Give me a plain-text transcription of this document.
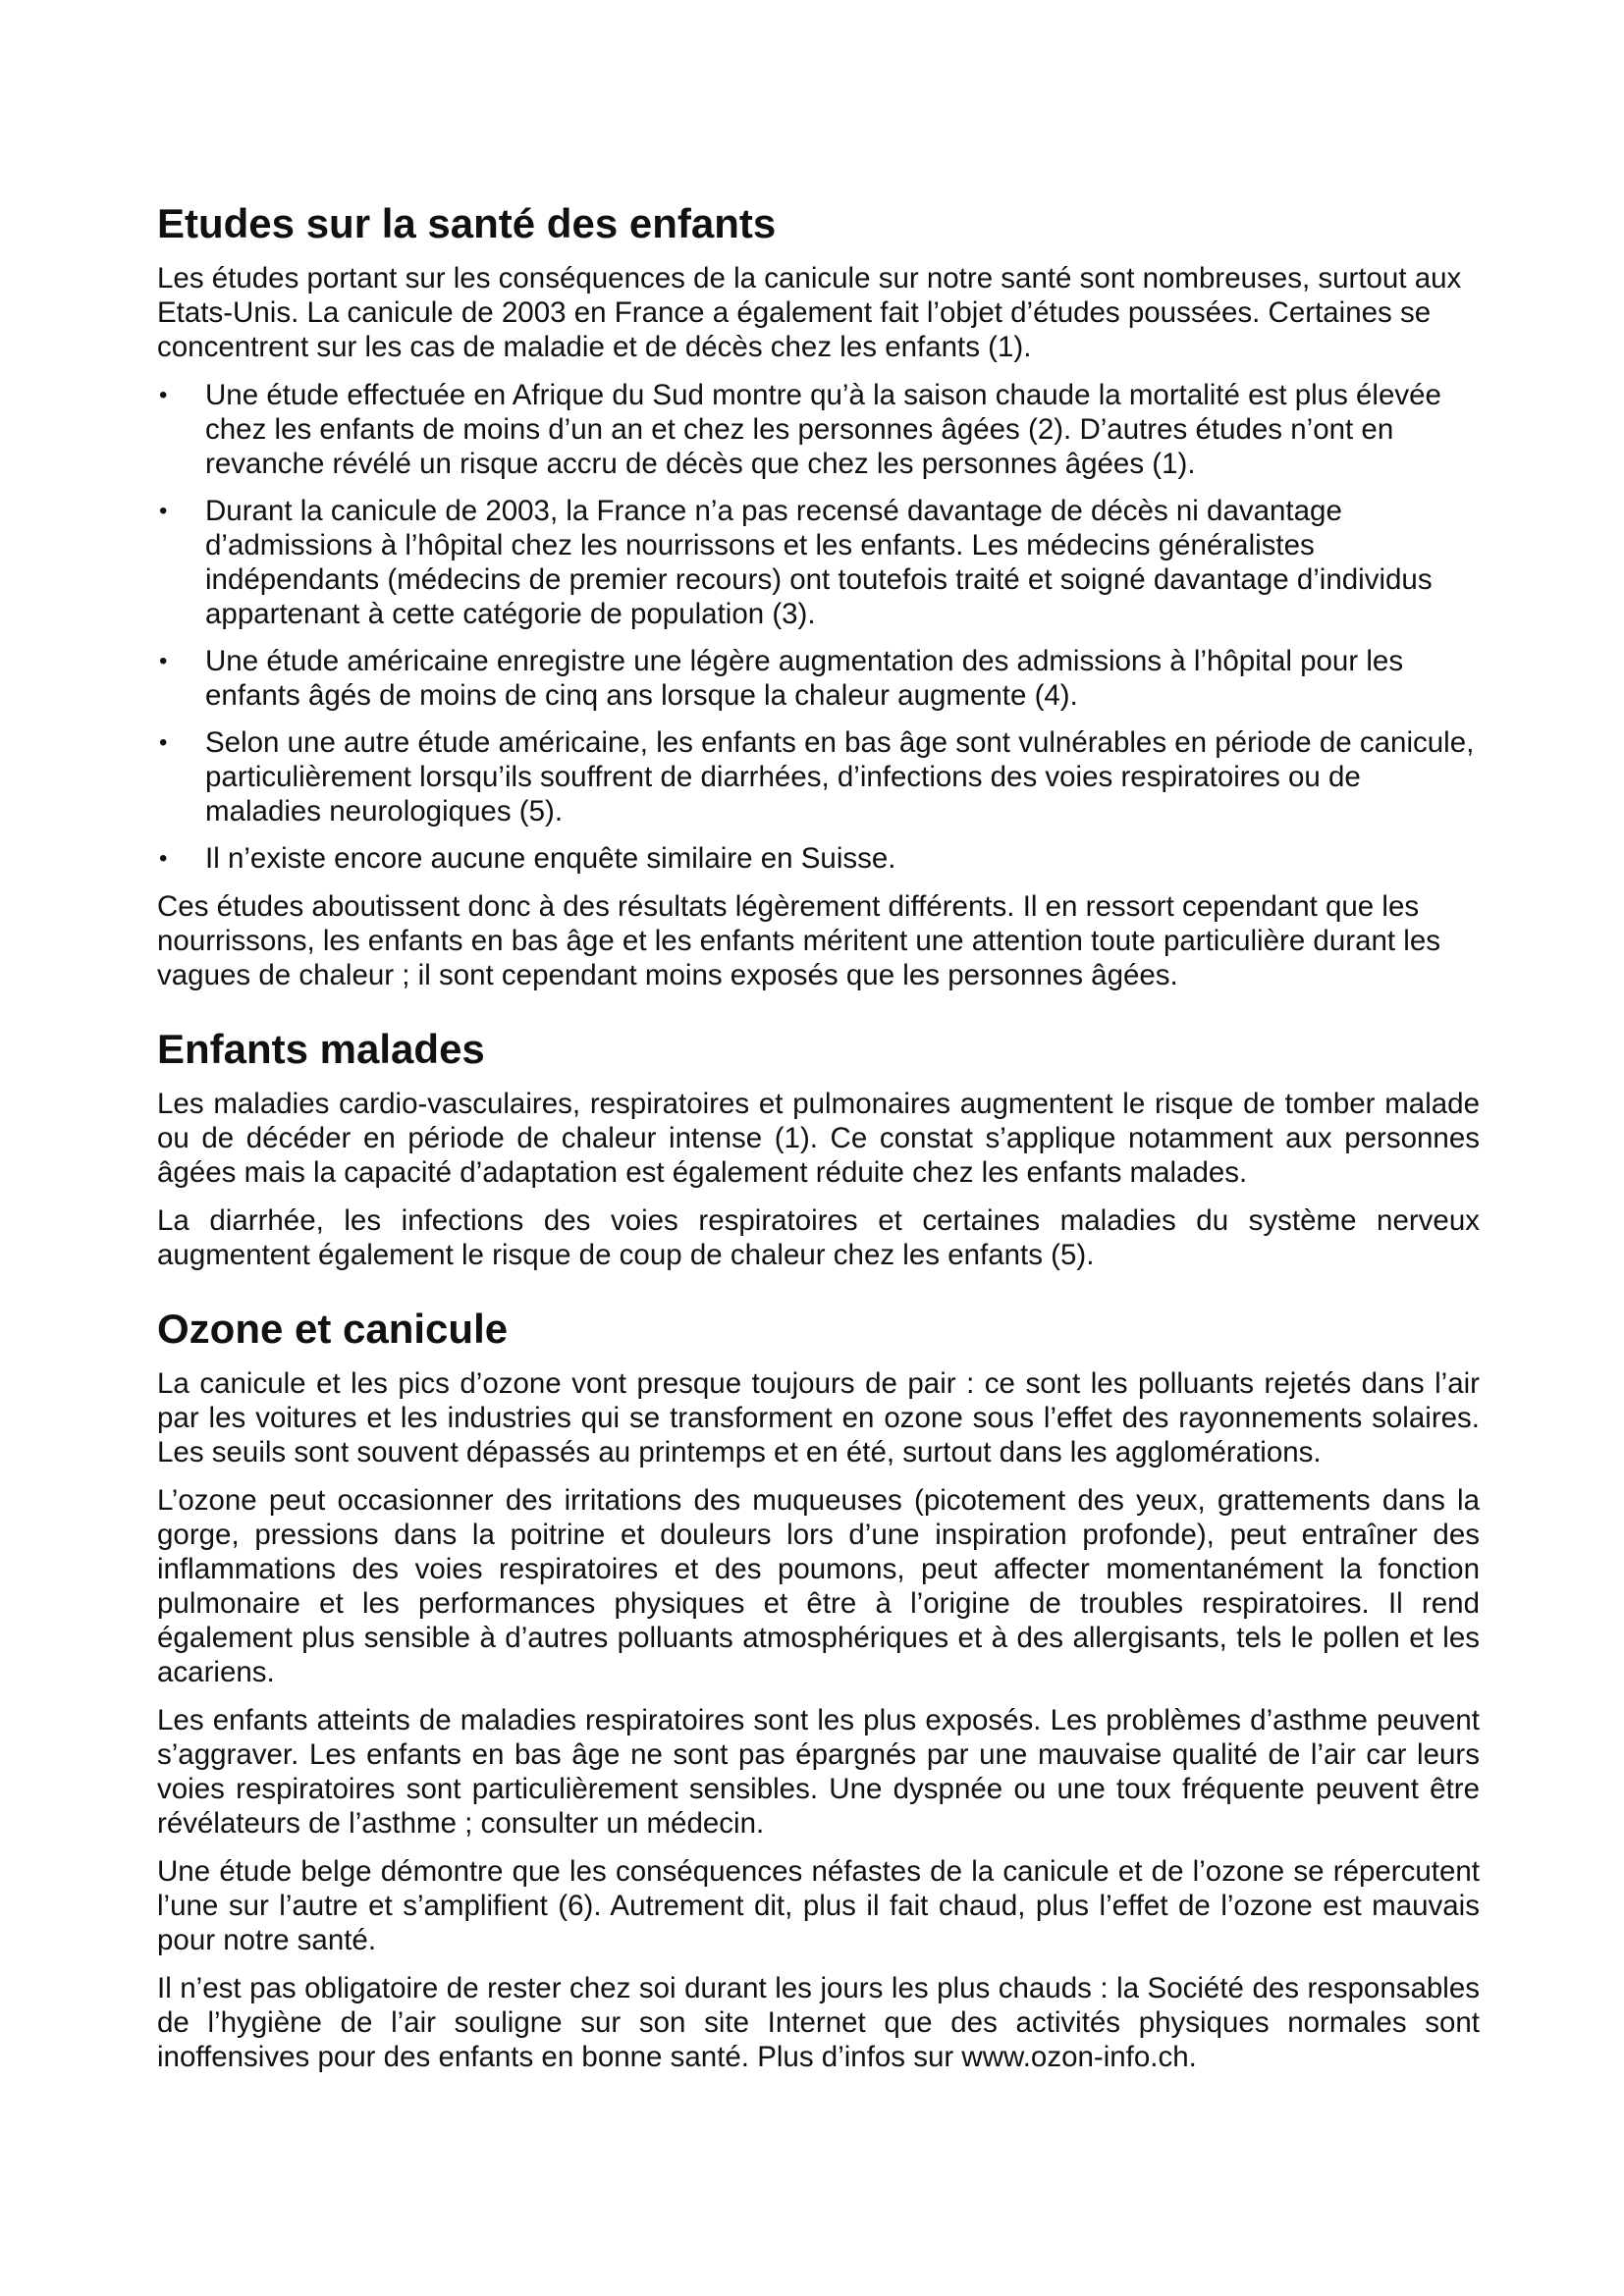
Etudes sur la santé des enfants

Les études portant sur les conséquences de la canicule sur notre santé sont nombreuses, surtout aux Etats-Unis. La canicule de 2003 en France a également fait l’objet d’études poussées. Certaines se concentrent sur les cas de maladie et de décès chez les enfants (1).

• Une étude effectuée en Afrique du Sud montre qu’à la saison chaude la mortalité est plus élevée chez les enfants de moins d’un an et chez les personnes âgées (2). D’autres études n’ont en revanche révélé un risque accru de décès que chez les personnes âgées (1).
• Durant la canicule de 2003, la France n’a pas recensé davantage de décès ni davantage d’admissions à l’hôpital chez les nourrissons et les enfants. Les médecins généralistes indépendants (médecins de premier recours) ont toutefois traité et soigné davantage d’individus appartenant à cette catégorie de population (3).
• Une étude américaine enregistre une légère augmentation des admissions à l’hôpital pour les enfants âgés de moins de cinq ans lorsque la chaleur augmente (4).
• Selon une autre étude américaine, les enfants en bas âge sont vulnérables en période de canicule, particulièrement lorsqu’ils souffrent de diarrhées, d’infections des voies respiratoires ou de maladies neurologiques (5).
• Il n’existe encore aucune enquête similaire en Suisse.

Ces études aboutissent donc à des résultats légèrement différents. Il en ressort cependant que les nourrissons, les enfants en bas âge et les enfants méritent une attention toute particulière durant les vagues de chaleur ; il sont cependant moins exposés que les personnes âgées.

Enfants malades

Les maladies cardio-vasculaires, respiratoires et pulmonaires augmentent le risque de tomber malade ou de décéder en période de chaleur intense (1). Ce constat s’applique notamment aux personnes âgées mais la capacité d’adaptation est également réduite chez les enfants malades.

La diarrhée, les infections des voies respiratoires et certaines maladies du système nerveux augmentent également le risque de coup de chaleur chez les enfants (5).

Ozone et canicule

La canicule et les pics d’ozone vont presque toujours de pair : ce sont les polluants rejetés dans l’air par les voitures et les industries qui se transforment en ozone sous l’effet des rayonnements solaires. Les seuils sont souvent dépassés au printemps et en été, surtout dans les agglomérations.

L’ozone peut occasionner des irritations des muqueuses (picotement des yeux, grattements dans la gorge, pressions dans la poitrine et douleurs lors d’une inspiration profonde), peut entraîner des inflammations des voies respiratoires et des poumons, peut affecter momentanément la fonction pulmonaire et les performances physiques et être à l’origine de troubles respiratoires. Il rend également plus sensible à d’autres polluants atmosphériques et à des allergisants, tels le pollen et les acariens.

Les enfants atteints de maladies respiratoires sont les plus exposés. Les problèmes d’asthme peuvent s’aggraver. Les enfants en bas âge ne sont pas épargnés par une mauvaise qualité de l’air car leurs voies respiratoires sont particulièrement sensibles. Une dyspnée ou une toux fréquente peuvent être révélateurs de l’asthme ; consulter un médecin.

Une étude belge démontre que les conséquences néfastes de la canicule et de l’ozone se répercutent l’une sur l’autre et s’amplifient (6). Autrement dit, plus il fait chaud, plus l’effet de l’ozone est mauvais pour notre santé.

Il n’est pas obligatoire de rester chez soi durant les jours les plus chauds : la Société des responsables de l’hygiène de l’air souligne sur son site Internet que des activités physiques normales sont inoffensives pour des enfants en bonne santé. Plus d’infos sur www.ozon-info.ch.
